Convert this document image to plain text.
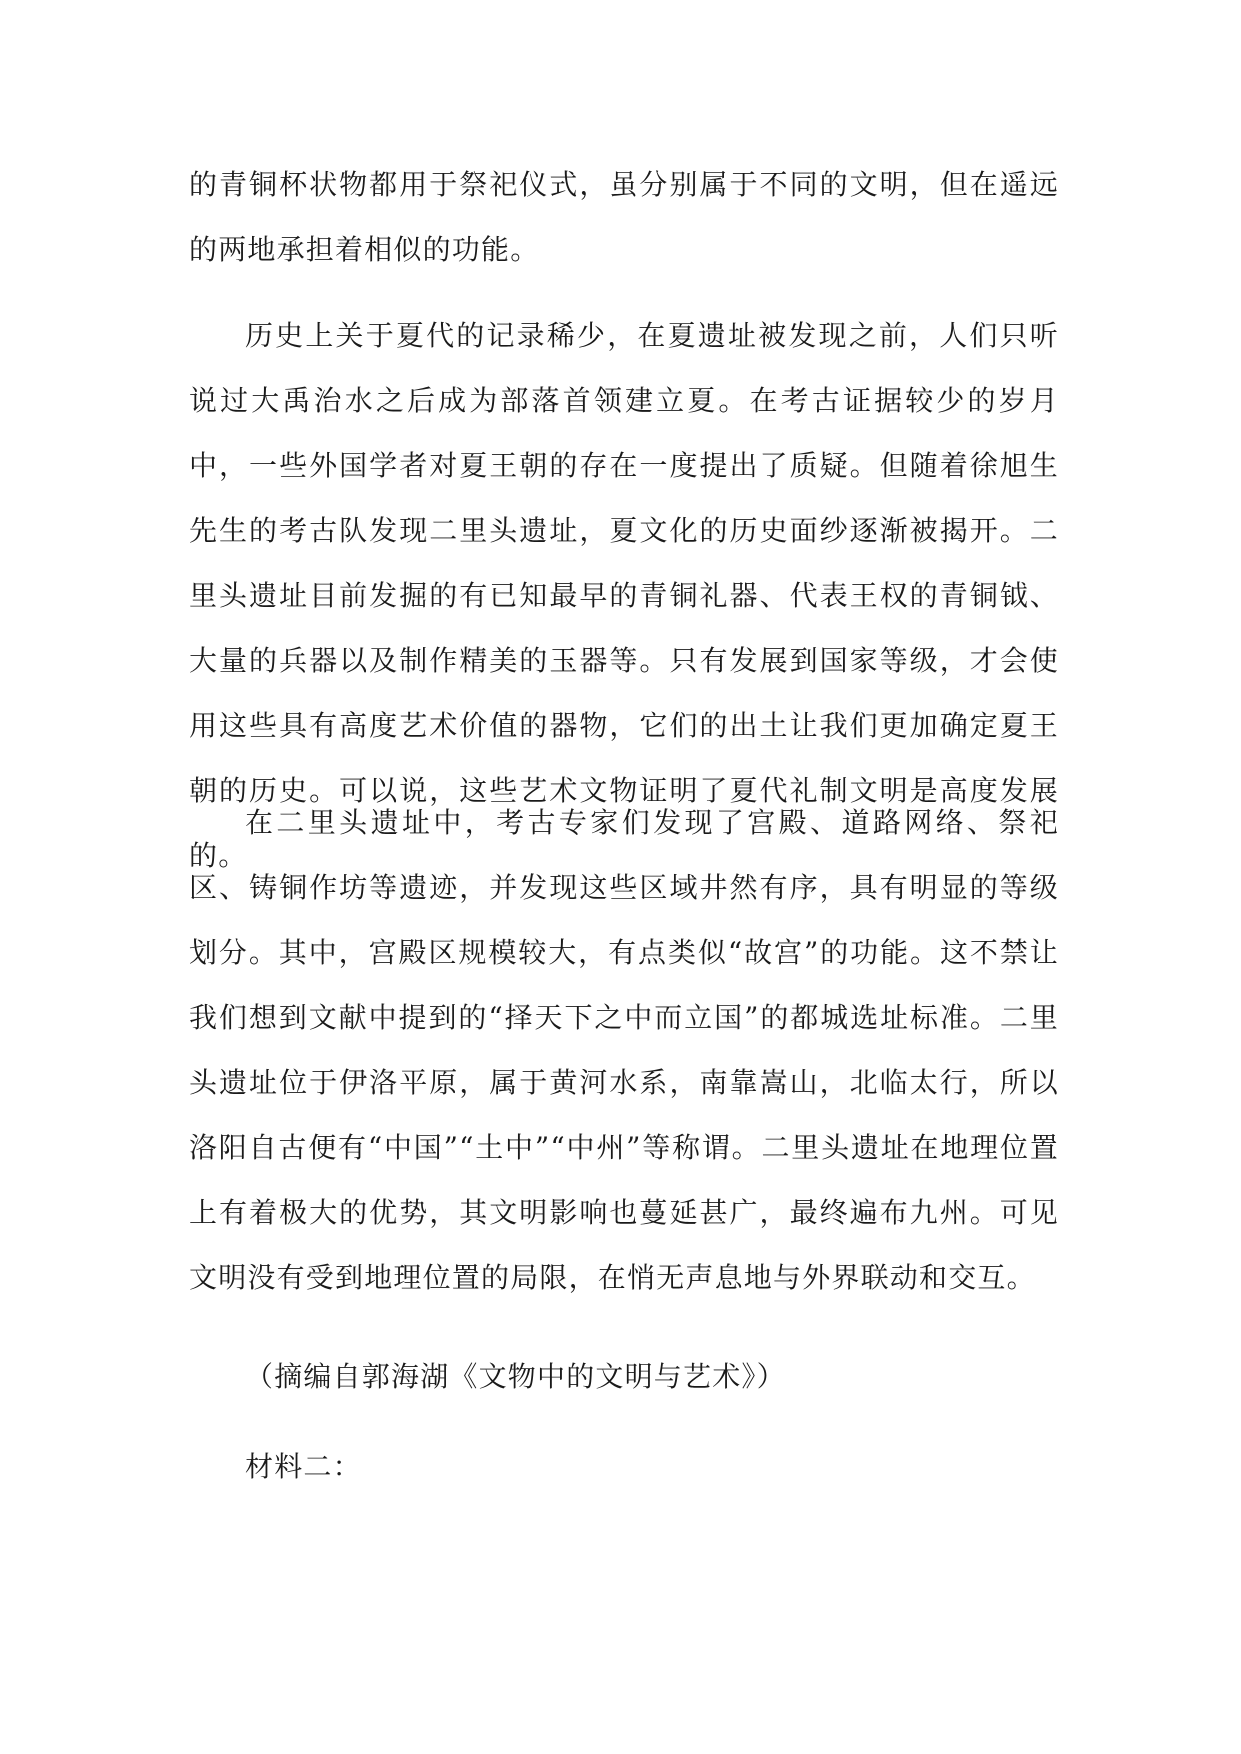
的青铜杯状物都用于祭祀仪式，虽分别属于不同的文明，但在遥远的两地承担着相似的功能。

历史上关于夏代的记录稀少，在夏遗址被发现之前，人们只听说过大禹治水之后成为部落首领建立夏。在考古证据较少的岁月中，一些外国学者对夏王朝的存在一度提出了质疑。但随着徐旭生先生的考古队发现二里头遗址，夏文化的历史面纱逐渐被揭开。二里头遗址目前发掘的有已知最早的青铜礼器、代表王权的青铜钺、大量的兵器以及制作精美的玉器等。只有发展到国家等级，才会使用这些具有高度艺术价值的器物，它们的出土让我们更加确定夏王朝的历史。可以说，这些艺术文物证明了夏代礼制文明是高度发展的。

在二里头遗址中，考古专家们发现了宫殿、道路网络、祭祀区、铸铜作坊等遗迹，并发现这些区域井然有序，具有明显的等级划分。其中，宫殿区规模较大，有点类似“故宫”的功能。这不禁让我们想到文献中提到的“择天下之中而立国”的都城选址标准。二里头遗址位于伊洛平原，属于黄河水系，南靠嵩山，北临太行，所以洛阳自古便有“中国”“土中”“中州”等称谓。二里头遗址在地理位置上有着极大的优势，其文明影响也蔓延甚广，最终遍布九州。可见文明没有受到地理位置的局限，在悄无声息地与外界联动和交互。

（摘编自郭海湖《文物中的文明与艺术》）

材料二：
